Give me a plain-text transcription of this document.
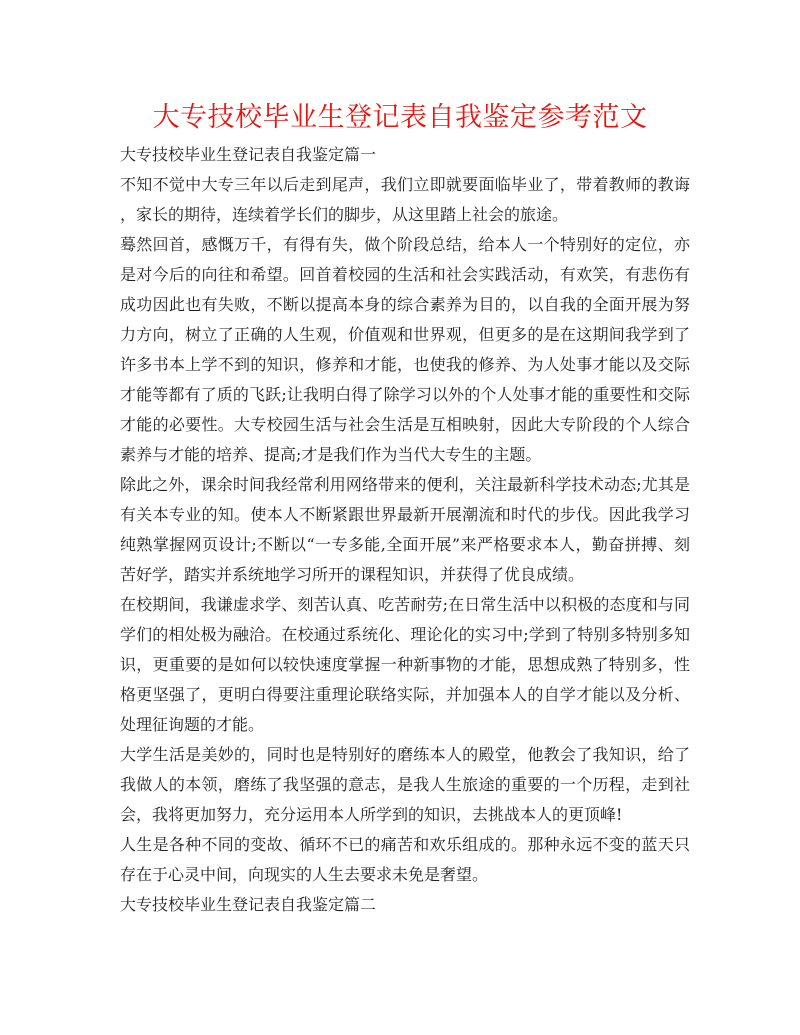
大专技校毕业生登记表自我鉴定参考范文
大专技校毕业生登记表自我鉴定篇一
不知不觉中大专三年以后走到尾声，我们立即就要面临毕业了，带着教师的教诲
，家长的期待，连续着学长们的脚步，从这里踏上社会的旅途。
蓦然回首，感慨万千，有得有失，做个阶段总结，给本人一个特别好的定位，亦
是对今后的向往和希望。回首着校园的生活和社会实践活动，有欢笑，有悲伤有
成功因此也有失败，不断以提高本身的综合素养为目的，以自我的全面开展为努
力方向，树立了正确的人生观，价值观和世界观，但更多的是在这期间我学到了
许多书本上学不到的知识，修养和才能，也使我的修养、为人处事才能以及交际
才能等都有了质的飞跃;让我明白得了除学习以外的个人处事才能的重要性和交际
才能的必要性。大专校园生活与社会生活是互相映射，因此大专阶段的个人综合
素养与才能的培养、提高;才是我们作为当代大专生的主题。
除此之外，课余时间我经常利用网络带来的便利，关注最新科学技术动态;尤其是
有关本专业的知。使本人不断紧跟世界最新开展潮流和时代的步伐。因此我学习
纯熟掌握网页设计;不断以“一专多能,全面开展”来严格要求本人，勤奋拼搏、刻
苦好学，踏实并系统地学习所开的课程知识，并获得了优良成绩。
在校期间，我谦虚求学、刻苦认真、吃苦耐劳;在日常生活中以积极的态度和与同
学们的相处极为融洽。在校通过系统化、理论化的实习中;学到了特别多特别多知
识，更重要的是如何以较快速度掌握一种新事物的才能，思想成熟了特别多，性
格更坚强了，更明白得要注重理论联络实际，并加强本人的自学才能以及分析、
处理征询题的才能。
大学生活是美妙的，同时也是特别好的磨练本人的殿堂，他教会了我知识，给了
我做人的本领，磨练了我坚强的意志，是我人生旅途的重要的一个历程，走到社
会，我将更加努力，充分运用本人所学到的知识，去挑战本人的更顶峰!
人生是各种不同的变故、循环不已的痛苦和欢乐组成的。那种永远不变的蓝天只
存在于心灵中间，向现实的人生去要求未免是奢望。
大专技校毕业生登记表自我鉴定篇二
